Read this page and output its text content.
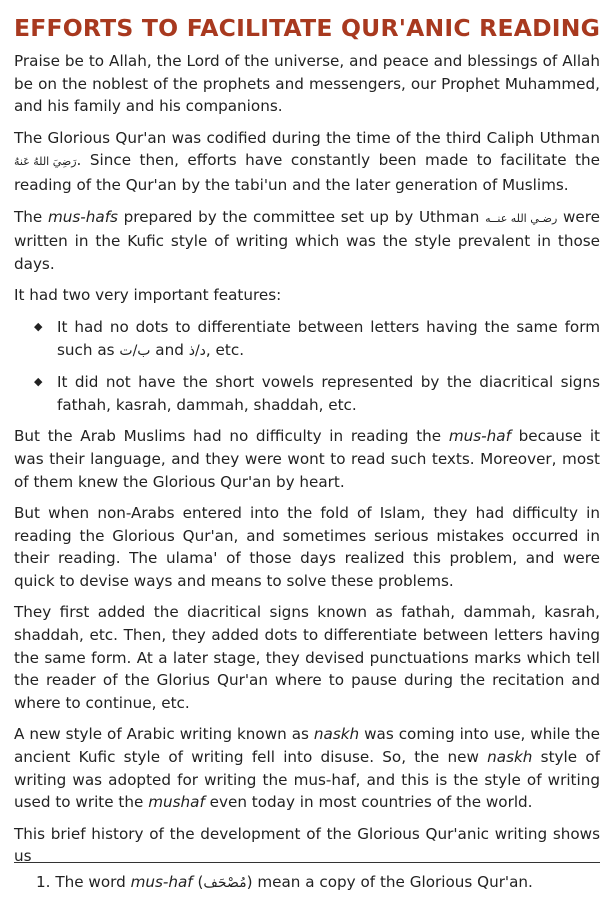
EFFORTS TO FACILITATE QUR'ANIC READING

Praise be to Allah, the Lord of the universe, and peace and blessings of Allah be on the noblest of the prophets and messengers, our Prophet Muhammed, and his family and his companions.

The Glorious Qur'an was codified during the time of the third Caliph Uthman رَضِيَ اللهُ عَنهُ. Since then, efforts have constantly been made to facilitate the reading of the Qur'an by the tabi'un and the later generation of Muslims.

The mus-hafs prepared by the committee set up by Uthman رضـي الله عنــه were written in the Kufic style of writing which was the style prevalent in those days.

It had two very important features:

◆ It had no dots to differentiate between letters having the same form such as ب/ت and د/ذ, etc.
◆ It did not have the short vowels represented by the diacritical signs fathah, kasrah, dammah, shaddah, etc.

But the Arab Muslims had no difficulty in reading the mus-haf because it was their language, and they were wont to read such texts. Moreover, most of them knew the Glorious Qur'an by heart.

But when non-Arabs entered into the fold of Islam, they had difficulty in reading the Glorious Qur'an, and sometimes serious mistakes occurred in their reading. The ulama' of those days realized this problem, and were quick to devise ways and means to solve these problems.

They first added the diacritical signs known as fathah, dammah, kasrah, shaddah, etc. Then, they added dots to differentiate between letters having the same form. At a later stage, they devised punctuations marks which tell the reader of the Glorius Qur'an where to pause during the recitation and where to continue, etc.

A new style of Arabic writing known as naskh was coming into use, while the ancient Kufic style of writing fell into disuse. So, the new naskh style of writing was adopted for writing the mus-haf, and this is the style of writing used to write the mushaf even today in most countries of the world.

This brief history of the development of the Glorious Qur'anic writing shows us

1. The word mus-haf (مُصْحَف) mean a copy of the Glorious Qur'an.
